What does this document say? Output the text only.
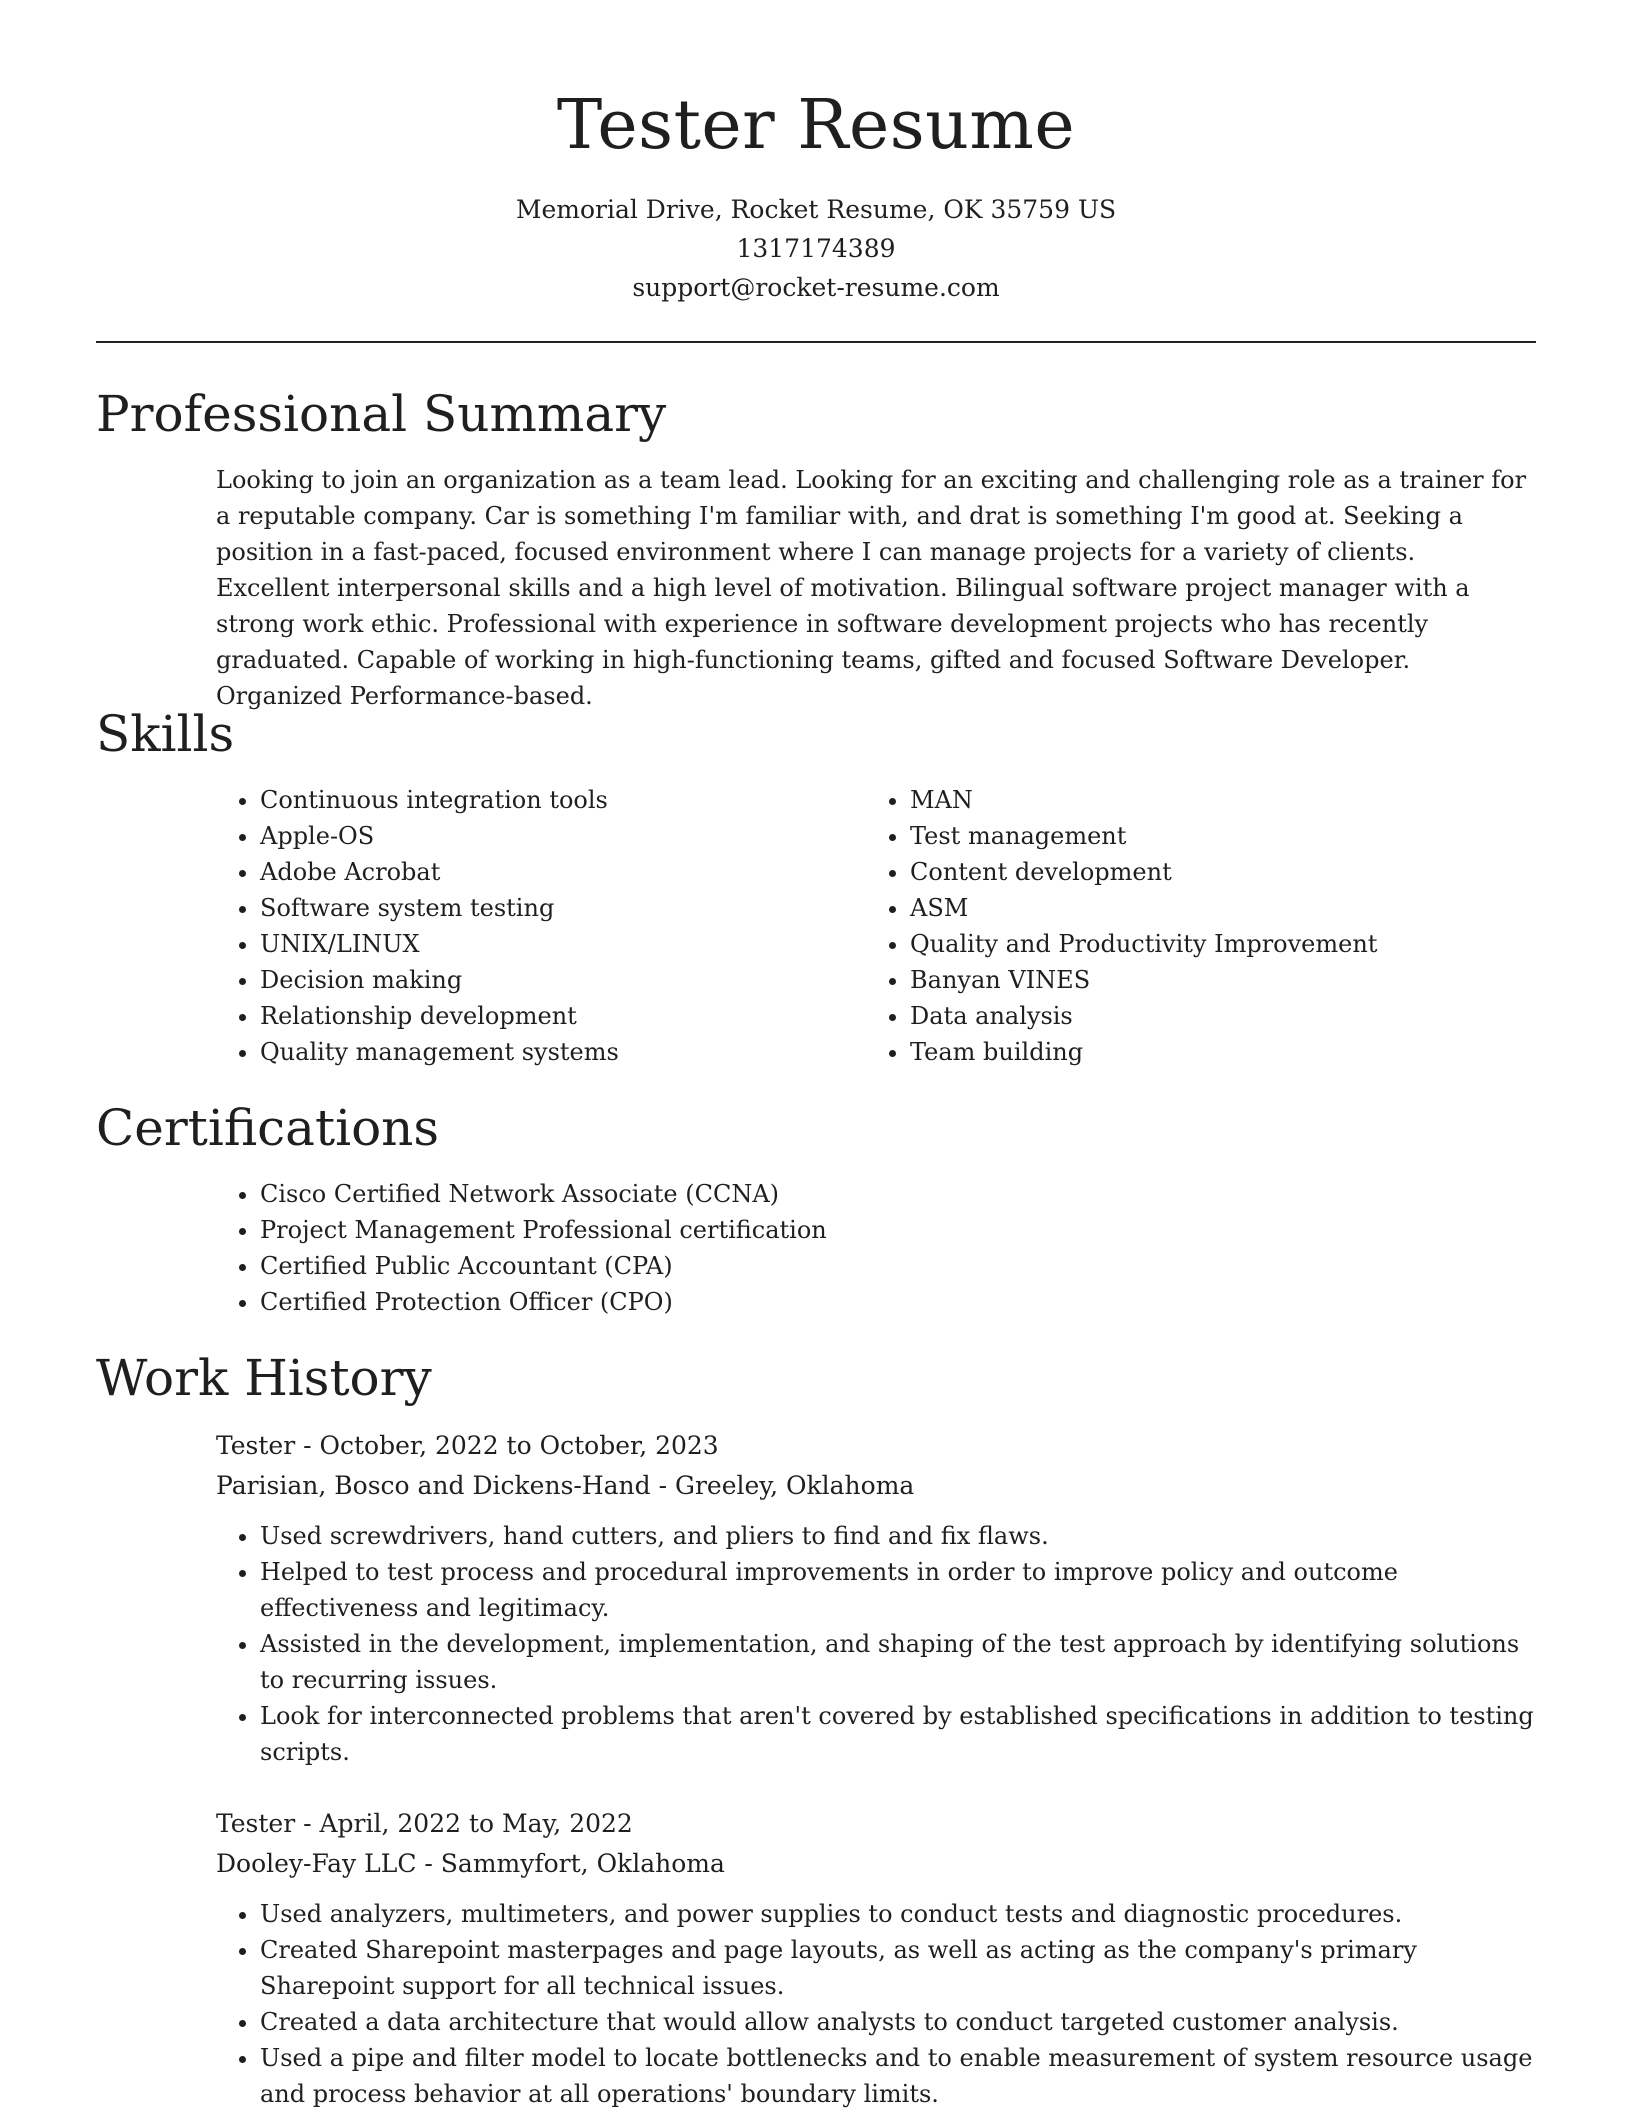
Tester Resume
Memorial Drive, Rocket Resume, OK 35759 US
1317174389
support@rocket-resume.com
Professional Summary

Looking to join an organization as a team lead. Looking for an exciting and challenging role as a trainer for a reputable company. Car is something I'm familiar with, and drat is something I'm good at. Seeking a position in a fast-paced, focused environment where I can manage projects for a variety of clients. Excellent interpersonal skills and a high level of motivation. Bilingual software project manager with a strong work ethic. Professional with experience in software development projects who has recently graduated. Capable of working in high-functioning teams, gifted and focused Software Developer. Organized Performance-based.

Skills
• Continuous integration tools
• Apple-OS
• Adobe Acrobat
• Software system testing
• UNIX/LINUX
• Decision making
• Relationship development
• Quality management systems
• MAN
• Test management
• Content development
• ASM
• Quality and Productivity Improvement
• Banyan VINES
• Data analysis
• Team building
Certifications
• Cisco Certified Network Associate (CCNA)
• Project Management Professional certification
• Certified Public Accountant (CPA)
• Certified Protection Officer (CPO)
Work History

Tester - October, 2022 to October, 2023

Parisian, Bosco and Dickens-Hand - Greeley, Oklahoma

• Used screwdrivers, hand cutters, and pliers to find and fix flaws.
• Helped to test process and procedural improvements in order to improve policy and outcome effectiveness and legitimacy.
• Assisted in the development, implementation, and shaping of the test approach by identifying solutions to recurring issues.
• Look for interconnected problems that aren't covered by established specifications in addition to testing scripts.

Tester - April, 2022 to May, 2022

Dooley-Fay LLC - Sammyfort, Oklahoma

• Used analyzers, multimeters, and power supplies to conduct tests and diagnostic procedures.
• Created Sharepoint masterpages and page layouts, as well as acting as the company's primary Sharepoint support for all technical issues.
• Created a data architecture that would allow analysts to conduct targeted customer analysis.
• Used a pipe and filter model to locate bottlenecks and to enable measurement of system resource usage and process behavior at all operations' boundary limits.
